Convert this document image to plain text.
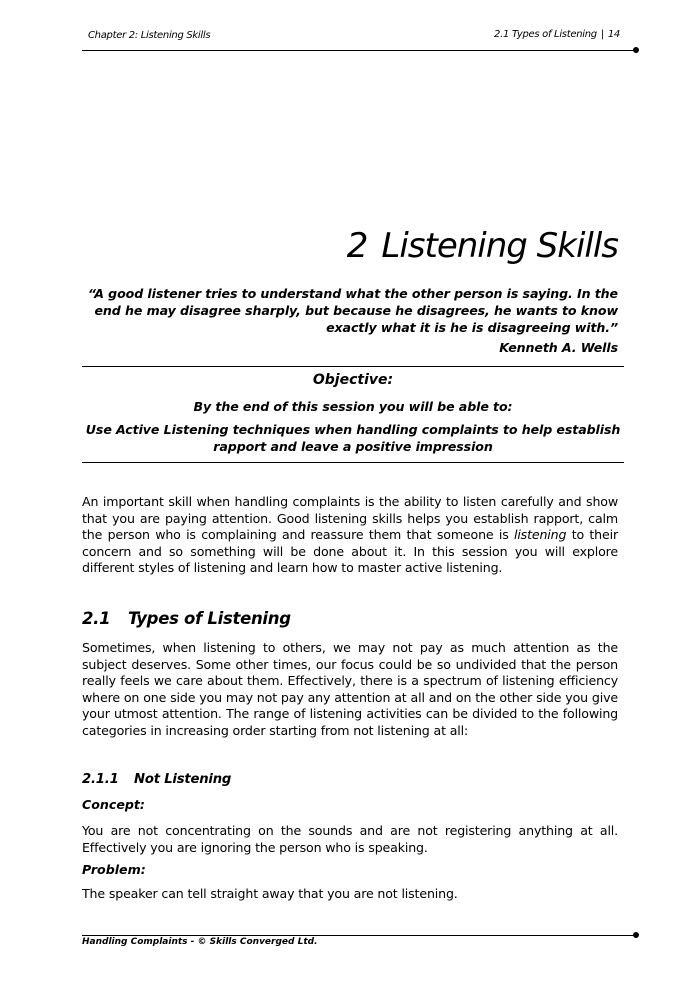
Chapter 2: Listening Skills	2.1 Types of Listening | 14
2 Listening Skills
“A good listener tries to understand what the other person is saying. In the
end he may disagree sharply, but because he disagrees, he wants to know
exactly what it is he is disagreeing with.”
Kenneth A. Wells
Objective:
By the end of this session you will be able to:
Use Active Listening techniques when handling complaints to help establish
rapport and leave a positive impression
An important skill when handling complaints is the ability to listen carefully and show that you are paying attention. Good listening skills helps you establish rapport, calm the person who is complaining and reassure them that someone is listening to their concern and so something will be done about it. In this session you will explore different styles of listening and learn how to master active listening.
2.1 Types of Listening
Sometimes, when listening to others, we may not pay as much attention as the subject deserves. Some other times, our focus could be so undivided that the person really feels we care about them. Effectively, there is a spectrum of listening efficiency where on one side you may not pay any attention at all and on the other side you give your utmost attention. The range of listening activities can be divided to the following categories in increasing order starting from not listening at all:
2.1.1 Not Listening
Concept:
You are not concentrating on the sounds and are not registering anything at all. Effectively you are ignoring the person who is speaking.
Problem:
The speaker can tell straight away that you are not listening.
Handling Complaints - © Skills Converged Ltd.
